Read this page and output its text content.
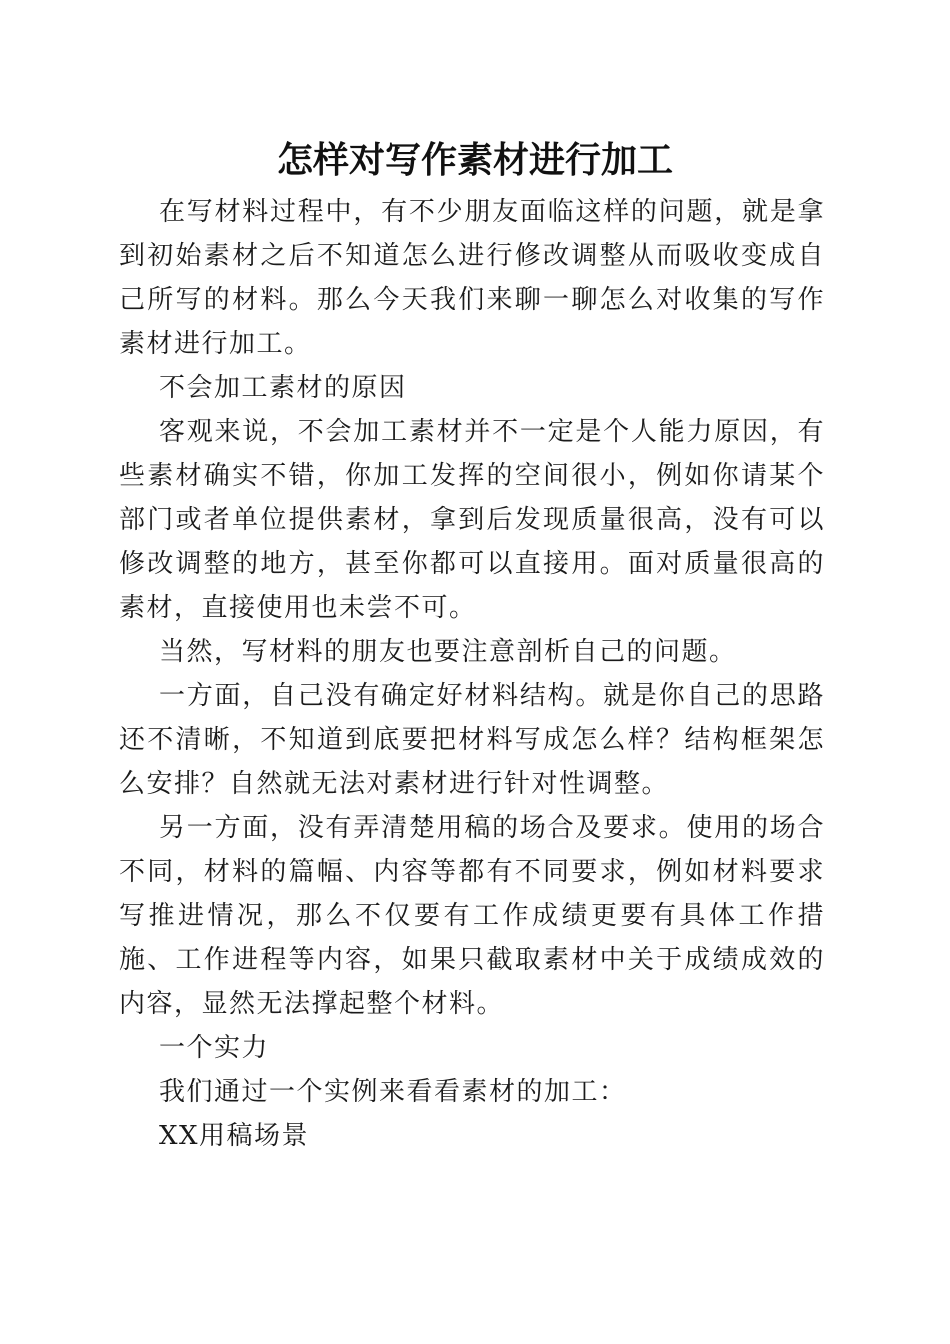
怎样对写作素材进行加工

在写材料过程中，有不少朋友面临这样的问题，就是拿到初始素材之后不知道怎么进行修改调整从而吸收变成自己所写的材料。那么今天我们来聊一聊怎么对收集的写作素材进行加工。

不会加工素材的原因

客观来说，不会加工素材并不一定是个人能力原因，有些素材确实不错，你加工发挥的空间很小，例如你请某个部门或者单位提供素材，拿到后发现质量很高，没有可以修改调整的地方，甚至你都可以直接用。面对质量很高的素材，直接使用也未尝不可。

当然，写材料的朋友也要注意剖析自己的问题。

一方面，自己没有确定好材料结构。就是你自己的思路还不清晰，不知道到底要把材料写成怎么样？结构框架怎么安排？自然就无法对素材进行针对性调整。

另一方面，没有弄清楚用稿的场合及要求。使用的场合不同，材料的篇幅、内容等都有不同要求，例如材料要求写推进情况，那么不仅要有工作成绩更要有具体工作措施、工作进程等内容，如果只截取素材中关于成绩成效的内容，显然无法撑起整个材料。

一个实力

我们通过一个实例来看看素材的加工：

XX用稿场景
